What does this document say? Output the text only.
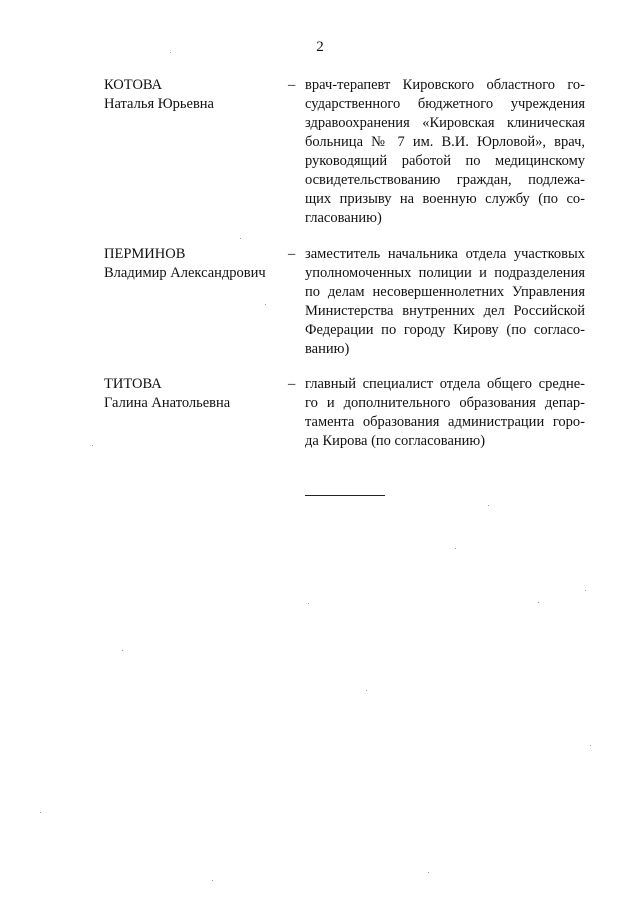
2
КОТОВА
Наталья Юрьевна
– врач-терапевт Кировского областного го-
сударственного бюджетного учреждения
здравоохранения «Кировская клиническая
больница № 7 им. В.И. Юрловой», врач,
руководящий работой по медицинскому
освидетельствованию граждан, подлежа-
щих призыву на военную службу (по со-
гласованию)
ПЕРМИНОВ
Владимир Александрович
– заместитель начальника отдела участковых
уполномоченных полиции и подразделения
по делам несовершеннолетних Управления
Министерства внутренних дел Российской
Федерации по городу Кирову (по согласо-
ванию)
ТИТОВА
Галина Анатольевна
– главный специалист отдела общего средне-
го и дополнительного образования депар-
тамента образования администрации горо-
да Кирова (по согласованию)
